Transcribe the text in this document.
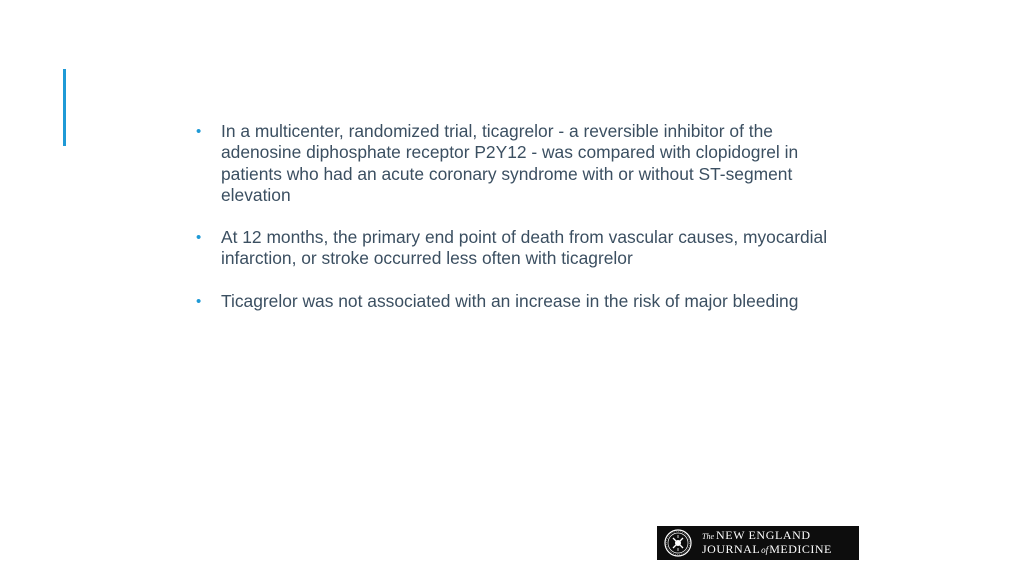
• In a multicenter, randomized trial, ticagrelor - a reversible inhibitor of the adenosine diphosphate receptor P2Y12 - was compared with clopidogrel in patients who had an acute coronary syndrome with or without ST-segment elevation
• At 12 months, the primary end point of death from vascular causes, myocardial infarction, or stroke occurred less often with ticagrelor
• Ticagrelor was not associated with an increase in the risk of major bleeding
The NEW ENGLAND
JOURNALofMEDICINE
